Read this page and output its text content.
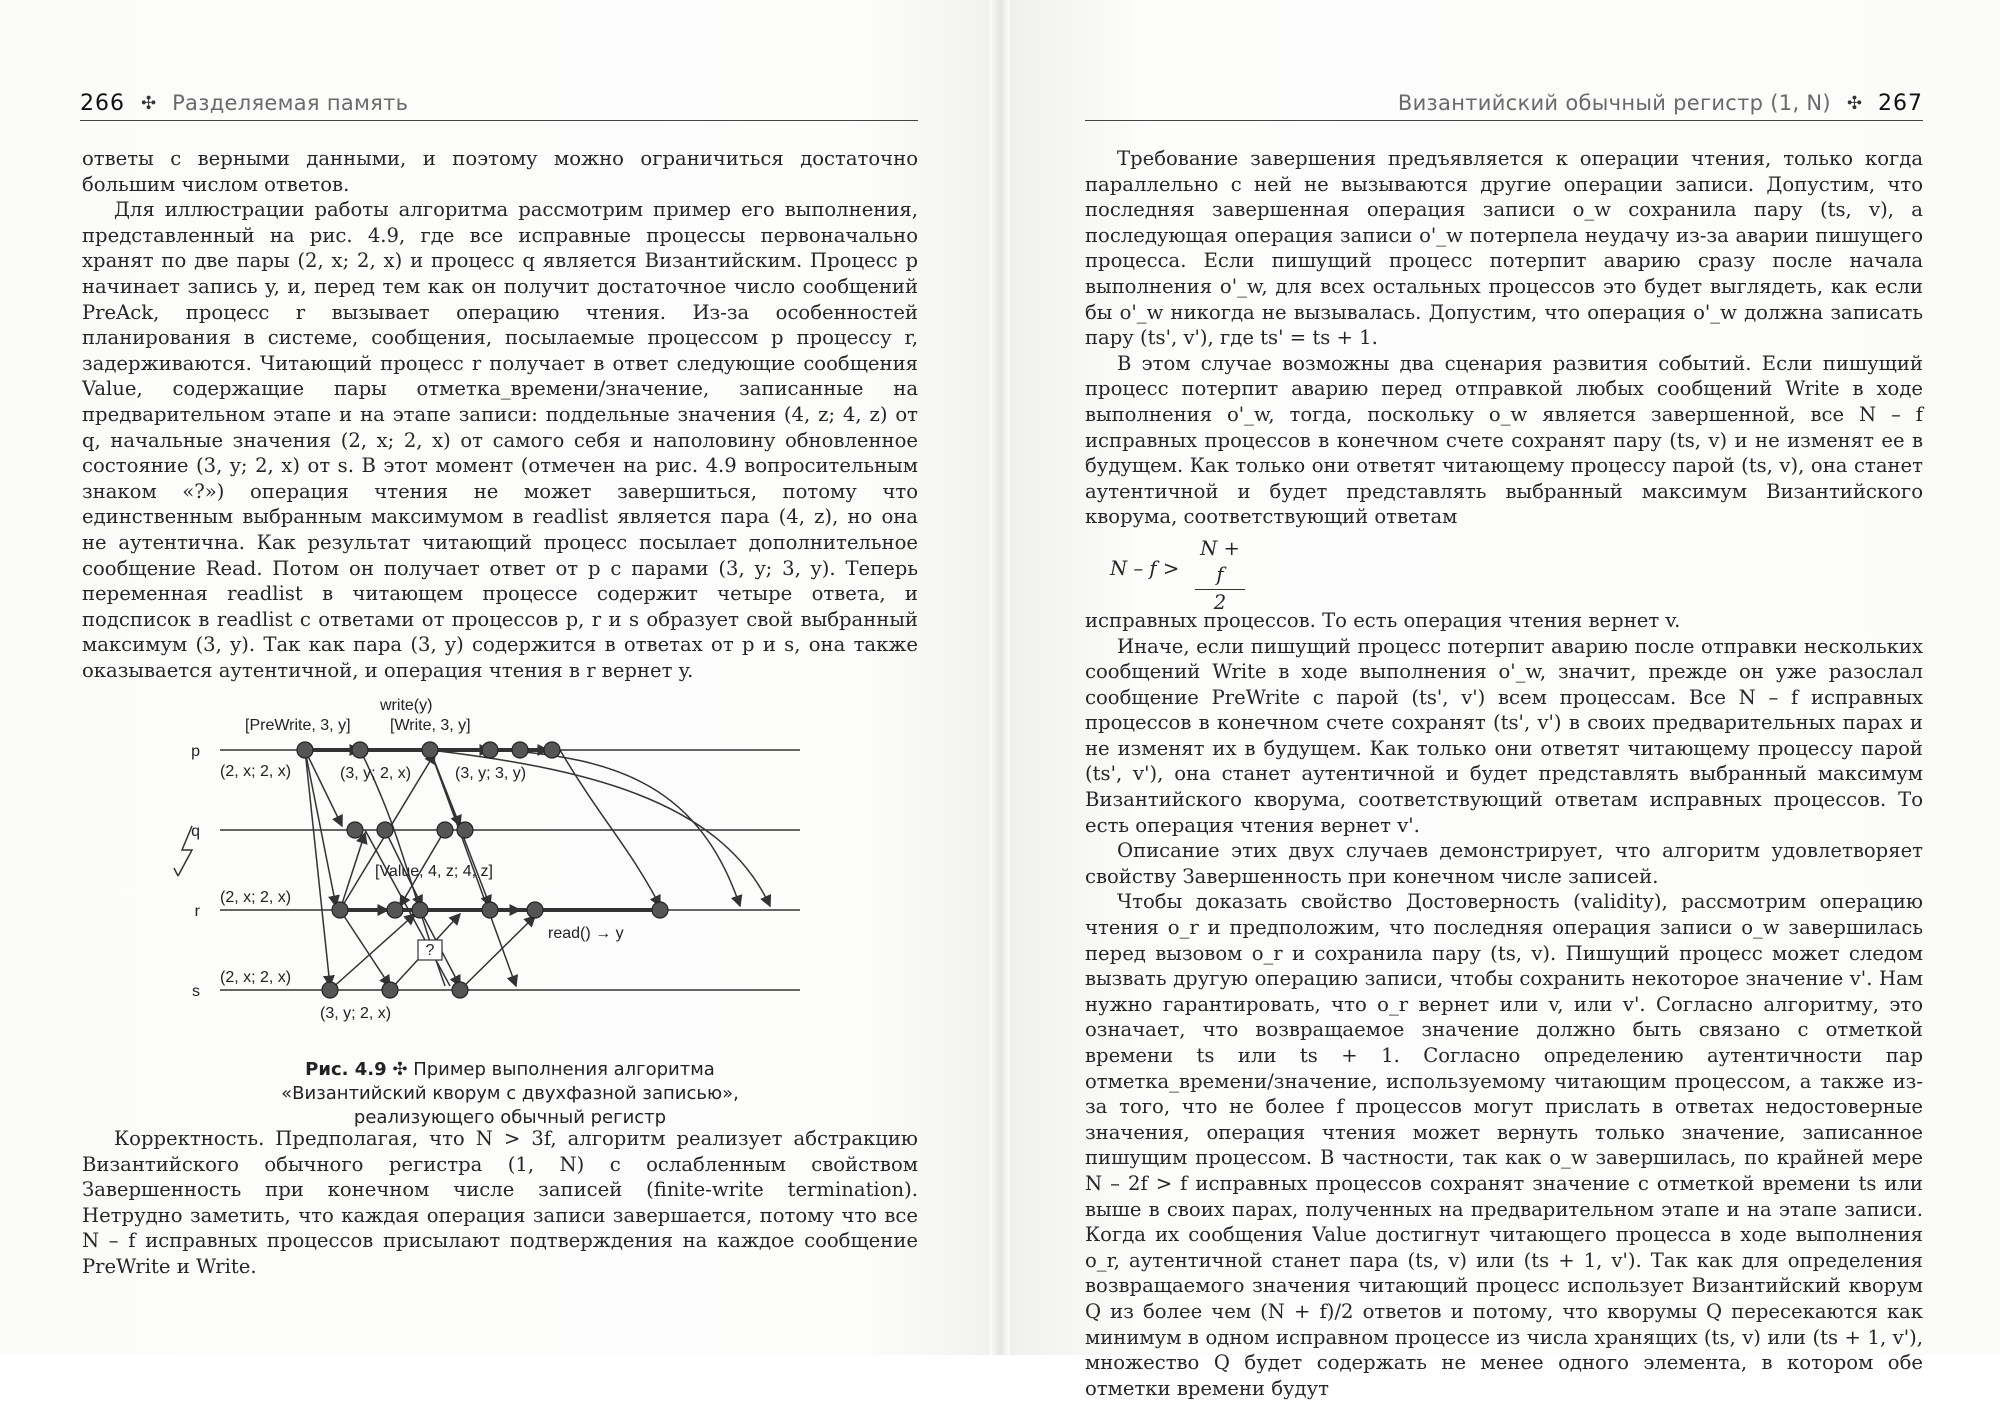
266 ✣ Разделяемая память

ответы с верными данными, и поэтому можно ограничиться достаточно большим числом ответов.

Для иллюстрации работы алгоритма рассмотрим пример его выполнения, представленный на рис. 4.9, где все исправные процессы первоначально хранят по две пары (2, x; 2, x) и процесс q является Византийским. Процесс p начинает запись y, и, перед тем как он получит достаточное число сообщений PreAck, процесс r вызывает операцию чтения. Из-за особенностей планирования в системе, сообщения, посылаемые процессом p процессу r, задерживаются. Читающий процесс r получает в ответ следующие сообщения Value, содержащие пары отметка_времени/значение, записанные на предварительном этапе и на этапе записи: поддельные значения (4, z; 4, z) от q, начальные значения (2, x; 2, x) от самого себя и наполовину обновленное состояние (3, y; 2, x) от s. В этот момент (отмечен на рис. 4.9 вопросительным знаком «?») операция чтения не может завершиться, потому что единственным выбранным максимумом в readlist является пара (4, z), но она не аутентична. Как результат читающий процесс посылает дополнительное сообщение Read. Потом он получает ответ от p с парами (3, y; 3, y). Теперь переменная readlist в читающем процессе содержит четыре ответа, и подсписок в readlist с ответами от процессов p, r и s образует свой выбранный максимум (3, y). Так как пара (3, y) содержится в ответах от p и s, она также оказывается аутентичной, и операция чтения в r вернет y.

?
p
q
r
s
(2, x; 2, x)
(2, x; 2, x)
(2, x; 2, x)
[PreWrite, 3, y]
write(y)
[Write, 3, y]
(3, y; 2, x)	(3, y; 3, y)
[Value, 4, z; 4, z]
read() → y
(3, y; 2, x)
Рис. 4.9 ✣ Пример выполнения алгоритма
«Византийский кворум с двухфазной записью»,
реализующего обычный регистр

Корректность. Предполагая, что N > 3f, алгоритм реализует абстракцию Византийского обычного регистра (1, N) с ослабленным свойством Завершенность при конечном числе записей (finite-write termination). Нетрудно заметить, что каждая операция записи завершается, потому что все N – f исправных процессов присылают подтверждения на каждое сообщение PreWrite и Write.

Византийский обычный регистр (1, N) ✣ 267

Требование завершения предъявляется к операции чтения, только когда параллельно с ней не вызываются другие операции записи. Допустим, что последняя завершенная операция записи o_w сохранила пару (ts, v), а последующая операция записи o'_w потерпела неудачу из-за аварии пишущего процесса. Если пишущий процесс потерпит аварию сразу после начала выполнения o'_w, для всех остальных процессов это будет выглядеть, как если бы o'_w никогда не вызывалась. Допустим, что операция o'_w должна записать пару (ts', v'), где ts' = ts + 1.

В этом случае возможны два сценария развития событий. Если пишущий процесс потерпит аварию перед отправкой любых сообщений Write в ходе выполнения o'_w, тогда, поскольку o_w является завершенной, все N – f исправных процессов в конечном счете сохранят пару (ts, v) и не изменят ее в будущем. Как только они ответят читающему процессу парой (ts, v), она станет аутентичной и будет представлять выбранный максимум Византийского кворума, соответствующий ответам

$N - f > \frac{N + f}{2}$

исправных процессов. То есть операция чтения вернет v.

Иначе, если пишущий процесс потерпит аварию после отправки нескольких сообщений Write в ходе выполнения o'_w, значит, прежде он уже разослал сообщение PreWrite с парой (ts', v') всем процессам. Все N – f исправных процессов в конечном счете сохранят (ts', v') в своих предварительных парах и не изменят их в будущем. Как только они ответят читающему процессу парой (ts', v'), она станет аутентичной и будет представлять выбранный максимум Византийского кворума, соответствующий ответам исправных процессов. То есть операция чтения вернет v'.

Описание этих двух случаев демонстрирует, что алгоритм удовлетворяет свойству Завершенность при конечном числе записей.

Чтобы доказать свойство Достоверность (validity), рассмотрим операцию чтения o_r и предположим, что последняя операция записи o_w завершилась перед вызовом o_r и сохранила пару (ts, v). Пишущий процесс может следом вызвать другую операцию записи, чтобы сохранить некоторое значение v'. Нам нужно гарантировать, что o_r вернет или v, или v'. Согласно алгоритму, это означает, что возвращаемое значение должно быть связано с отметкой времени ts или ts + 1. Согласно определению аутентичности пар отметка_времени/значение, используемому читающим процессом, а также из-за того, что не более f процессов могут прислать в ответах недостоверные значения, операция чтения может вернуть только значение, записанное пишущим процессом. В частности, так как o_w завершилась, по крайней мере N – 2f > f исправных процессов сохранят значение с отметкой времени ts или выше в своих парах, полученных на предварительном этапе и на этапе записи. Когда их сообщения Value достигнут читающего процесса в ходе выполнения o_r, аутентичной станет пара (ts, v) или (ts + 1, v'). Так как для определения возвращаемого значения читающий процесс использует Византийский кворум Q из более чем (N + f)/2 ответов и потому, что кворумы Q пересекаются как минимум в одном исправном процессе из числа хранящих (ts, v) или (ts + 1, v'), множество Q будет содержать не менее одного элемента, в котором обе отметки времени будут
